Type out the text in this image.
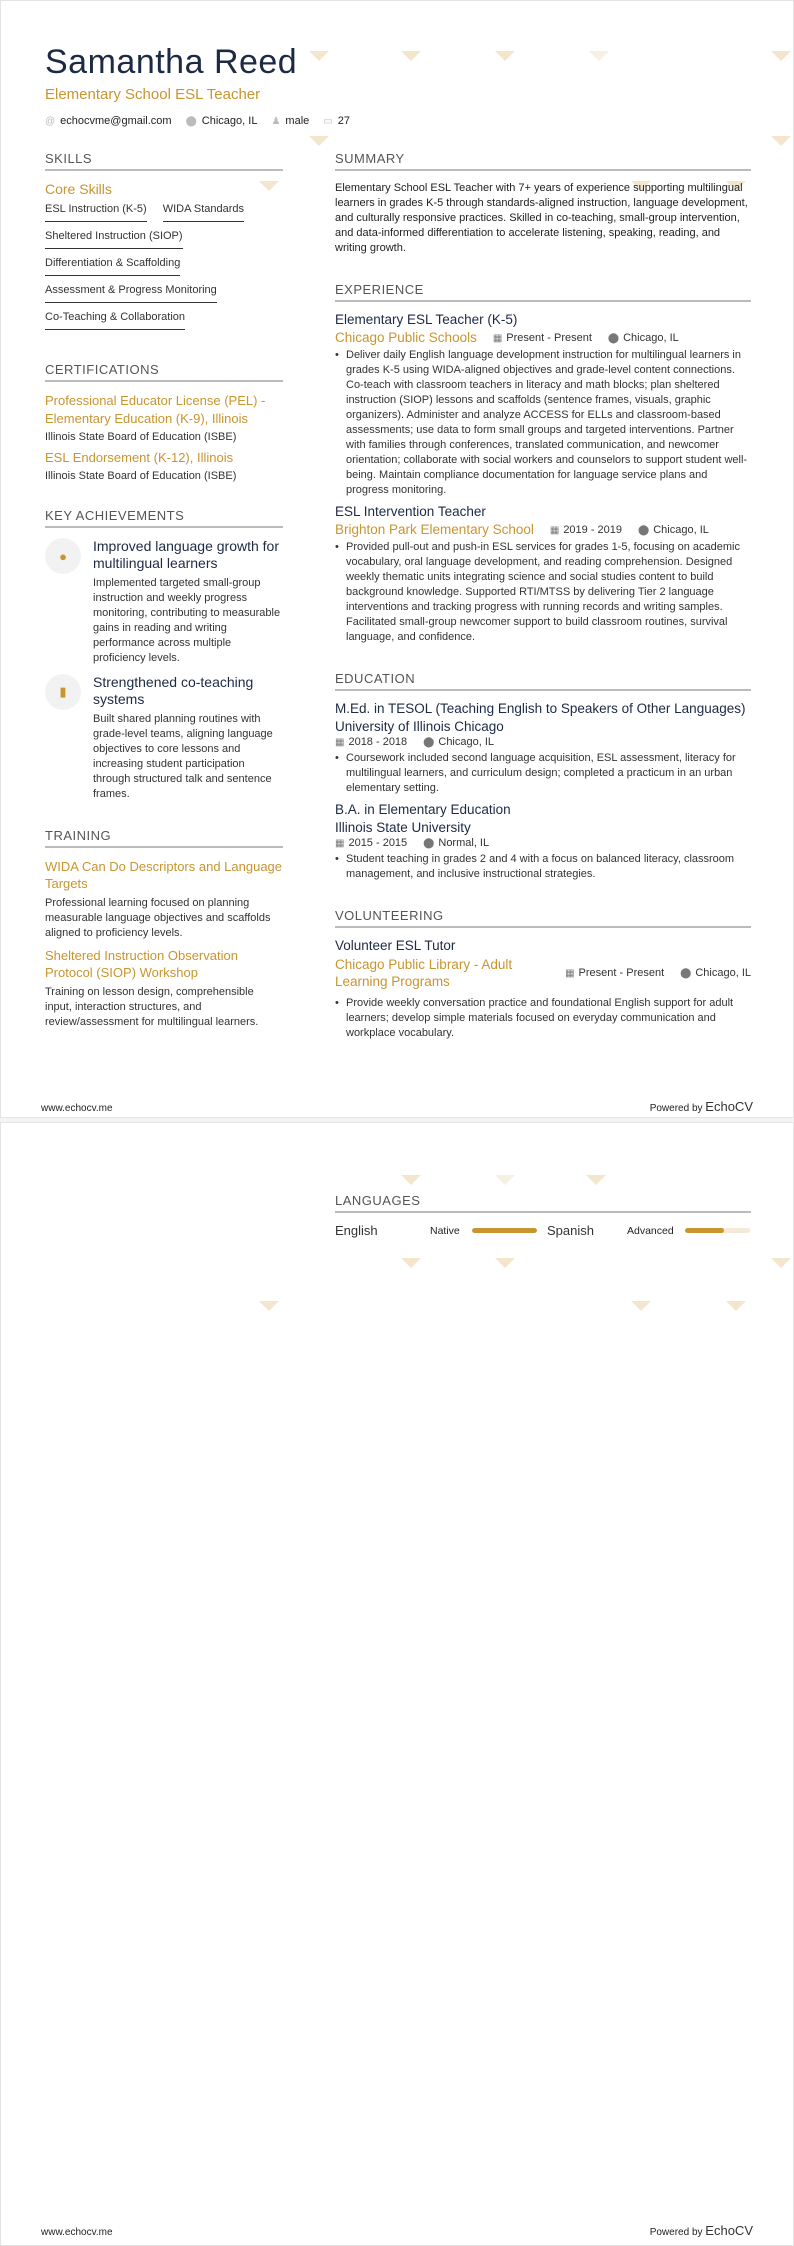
Samantha Reed
Elementary School ESL Teacher
@ echocvme@gmail.com ⬤ Chicago, IL ♟ male ▭ 27
SKILLS
Core Skills
ESL Instruction (K-5) WIDA Standards
Sheltered Instruction (SIOP)
Differentiation & Scaffolding
Assessment & Progress Monitoring
Co-Teaching & Collaboration
CERTIFICATIONS
Professional Educator License (PEL) - Elementary Education (K-9), Illinois
Illinois State Board of Education (ISBE)
ESL Endorsement (K-12), Illinois
Illinois State Board of Education (ISBE)
KEY ACHIEVEMENTS
●
Improved language growth for multilingual learners
Implemented targeted small-group instruction and weekly progress monitoring, contributing to measurable gains in reading and writing performance across multiple proficiency levels.
▮
Strengthened co-teaching systems
Built shared planning routines with grade-level teams, aligning language objectives to core lessons and increasing student participation through structured talk and sentence frames.
TRAINING
WIDA Can Do Descriptors and Language Targets
Professional learning focused on planning measurable language objectives and scaffolds aligned to proficiency levels.
Sheltered Instruction Observation Protocol (SIOP) Workshop
Training on lesson design, comprehensible input, interaction structures, and review/assessment for multilingual learners.
SUMMARY
Elementary School ESL Teacher with 7+ years of experience supporting multilingual learners in grades K-5 through standards-aligned instruction, language development, and culturally responsive practices. Skilled in co-teaching, small-group intervention, and data-informed differentiation to accelerate listening, speaking, reading, and writing growth.
EXPERIENCE
Elementary ESL Teacher (K-5)
Chicago Public Schools ▦ Present - Present ⬤ Chicago, IL
• Deliver daily English language development instruction for multilingual learners in grades K-5 using WIDA-aligned objectives and grade-level content connections. Co-teach with classroom teachers in literacy and math blocks; plan sheltered instruction (SIOP) lessons and scaffolds (sentence frames, visuals, graphic organizers). Administer and analyze ACCESS for ELLs and classroom-based assessments; use data to form small groups and targeted interventions. Partner with families through conferences, translated communication, and newcomer orientation; collaborate with social workers and counselors to support student well-being. Maintain compliance documentation for language service plans and progress monitoring.
ESL Intervention Teacher
Brighton Park Elementary School ▦ 2019 - 2019 ⬤ Chicago, IL
• Provided pull-out and push-in ESL services for grades 1-5, focusing on academic vocabulary, oral language development, and reading comprehension. Designed weekly thematic units integrating science and social studies content to build background knowledge. Supported RTI/MTSS by delivering Tier 2 language interventions and tracking progress with running records and writing samples. Facilitated small-group newcomer support to build classroom routines, survival language, and confidence.
EDUCATION
M.Ed. in TESOL (Teaching English to Speakers of Other Languages)
University of Illinois Chicago
▦ 2018 - 2018 ⬤ Chicago, IL
• Coursework included second language acquisition, ESL assessment, literacy for multilingual learners, and curriculum design; completed a practicum in an urban elementary setting.
B.A. in Elementary Education
Illinois State University
▦ 2015 - 2015 ⬤ Normal, IL
• Student teaching in grades 2 and 4 with a focus on balanced literacy, classroom management, and inclusive instructional strategies.
VOLUNTEERING
Volunteer ESL Tutor
Chicago Public Library - Adult Learning Programs
▦ Present - Present ⬤ Chicago, IL
• Provide weekly conversation practice and foundational English support for adult learners; develop simple materials focused on everyday communication and workplace vocabulary.
www.echocv.me	Powered by EchoCV
LANGUAGES
English	Native	Spanish	Advanced
www.echocv.me	Powered by EchoCV
